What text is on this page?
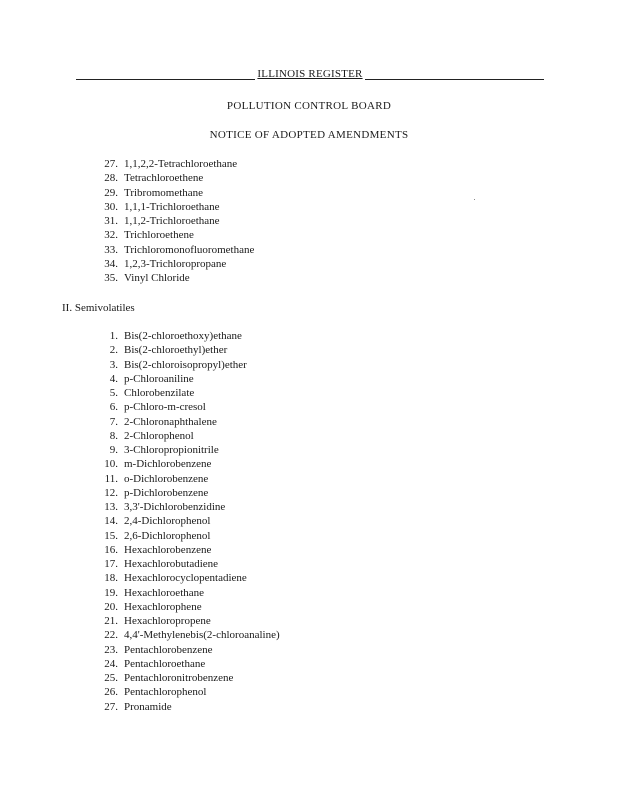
ILLINOIS REGISTER
POLLUTION CONTROL BOARD
NOTICE OF ADOPTED AMENDMENTS
27. 1,1,2,2-Tetrachloroethane
28. Tetrachloroethene
29. Tribromomethane
30. 1,1,1-Trichloroethane
31. 1,1,2-Trichloroethane
32. Trichloroethene
33. Trichloromonofluoromethane
34. 1,2,3-Trichloropropane
35. Vinyl Chloride
II. Semivolatiles
1. Bis(2-chloroethoxy)ethane
2. Bis(2-chloroethyl)ether
3. Bis(2-chloroisopropyl)ether
4. p-Chloroaniline
5. Chlorobenzilate
6. p-Chloro-m-cresol
7. 2-Chloronaphthalene
8. 2-Chlorophenol
9. 3-Chloropropionitrile
10. m-Dichlorobenzene
11. o-Dichlorobenzene
12. p-Dichlorobenzene
13. 3,3'-Dichlorobenzidine
14. 2,4-Dichlorophenol
15. 2,6-Dichlorophenol
16. Hexachlorobenzene
17. Hexachlorobutadiene
18. Hexachlorocyclopentadiene
19. Hexachloroethane
20. Hexachlorophene
21. Hexachloropropene
22. 4,4'-Methylenebis(2-chloroanaline)
23. Pentachlorobenzene
24. Pentachloroethane
25. Pentachloronitrobenzene
26. Pentachlorophenol
27. Pronamide
